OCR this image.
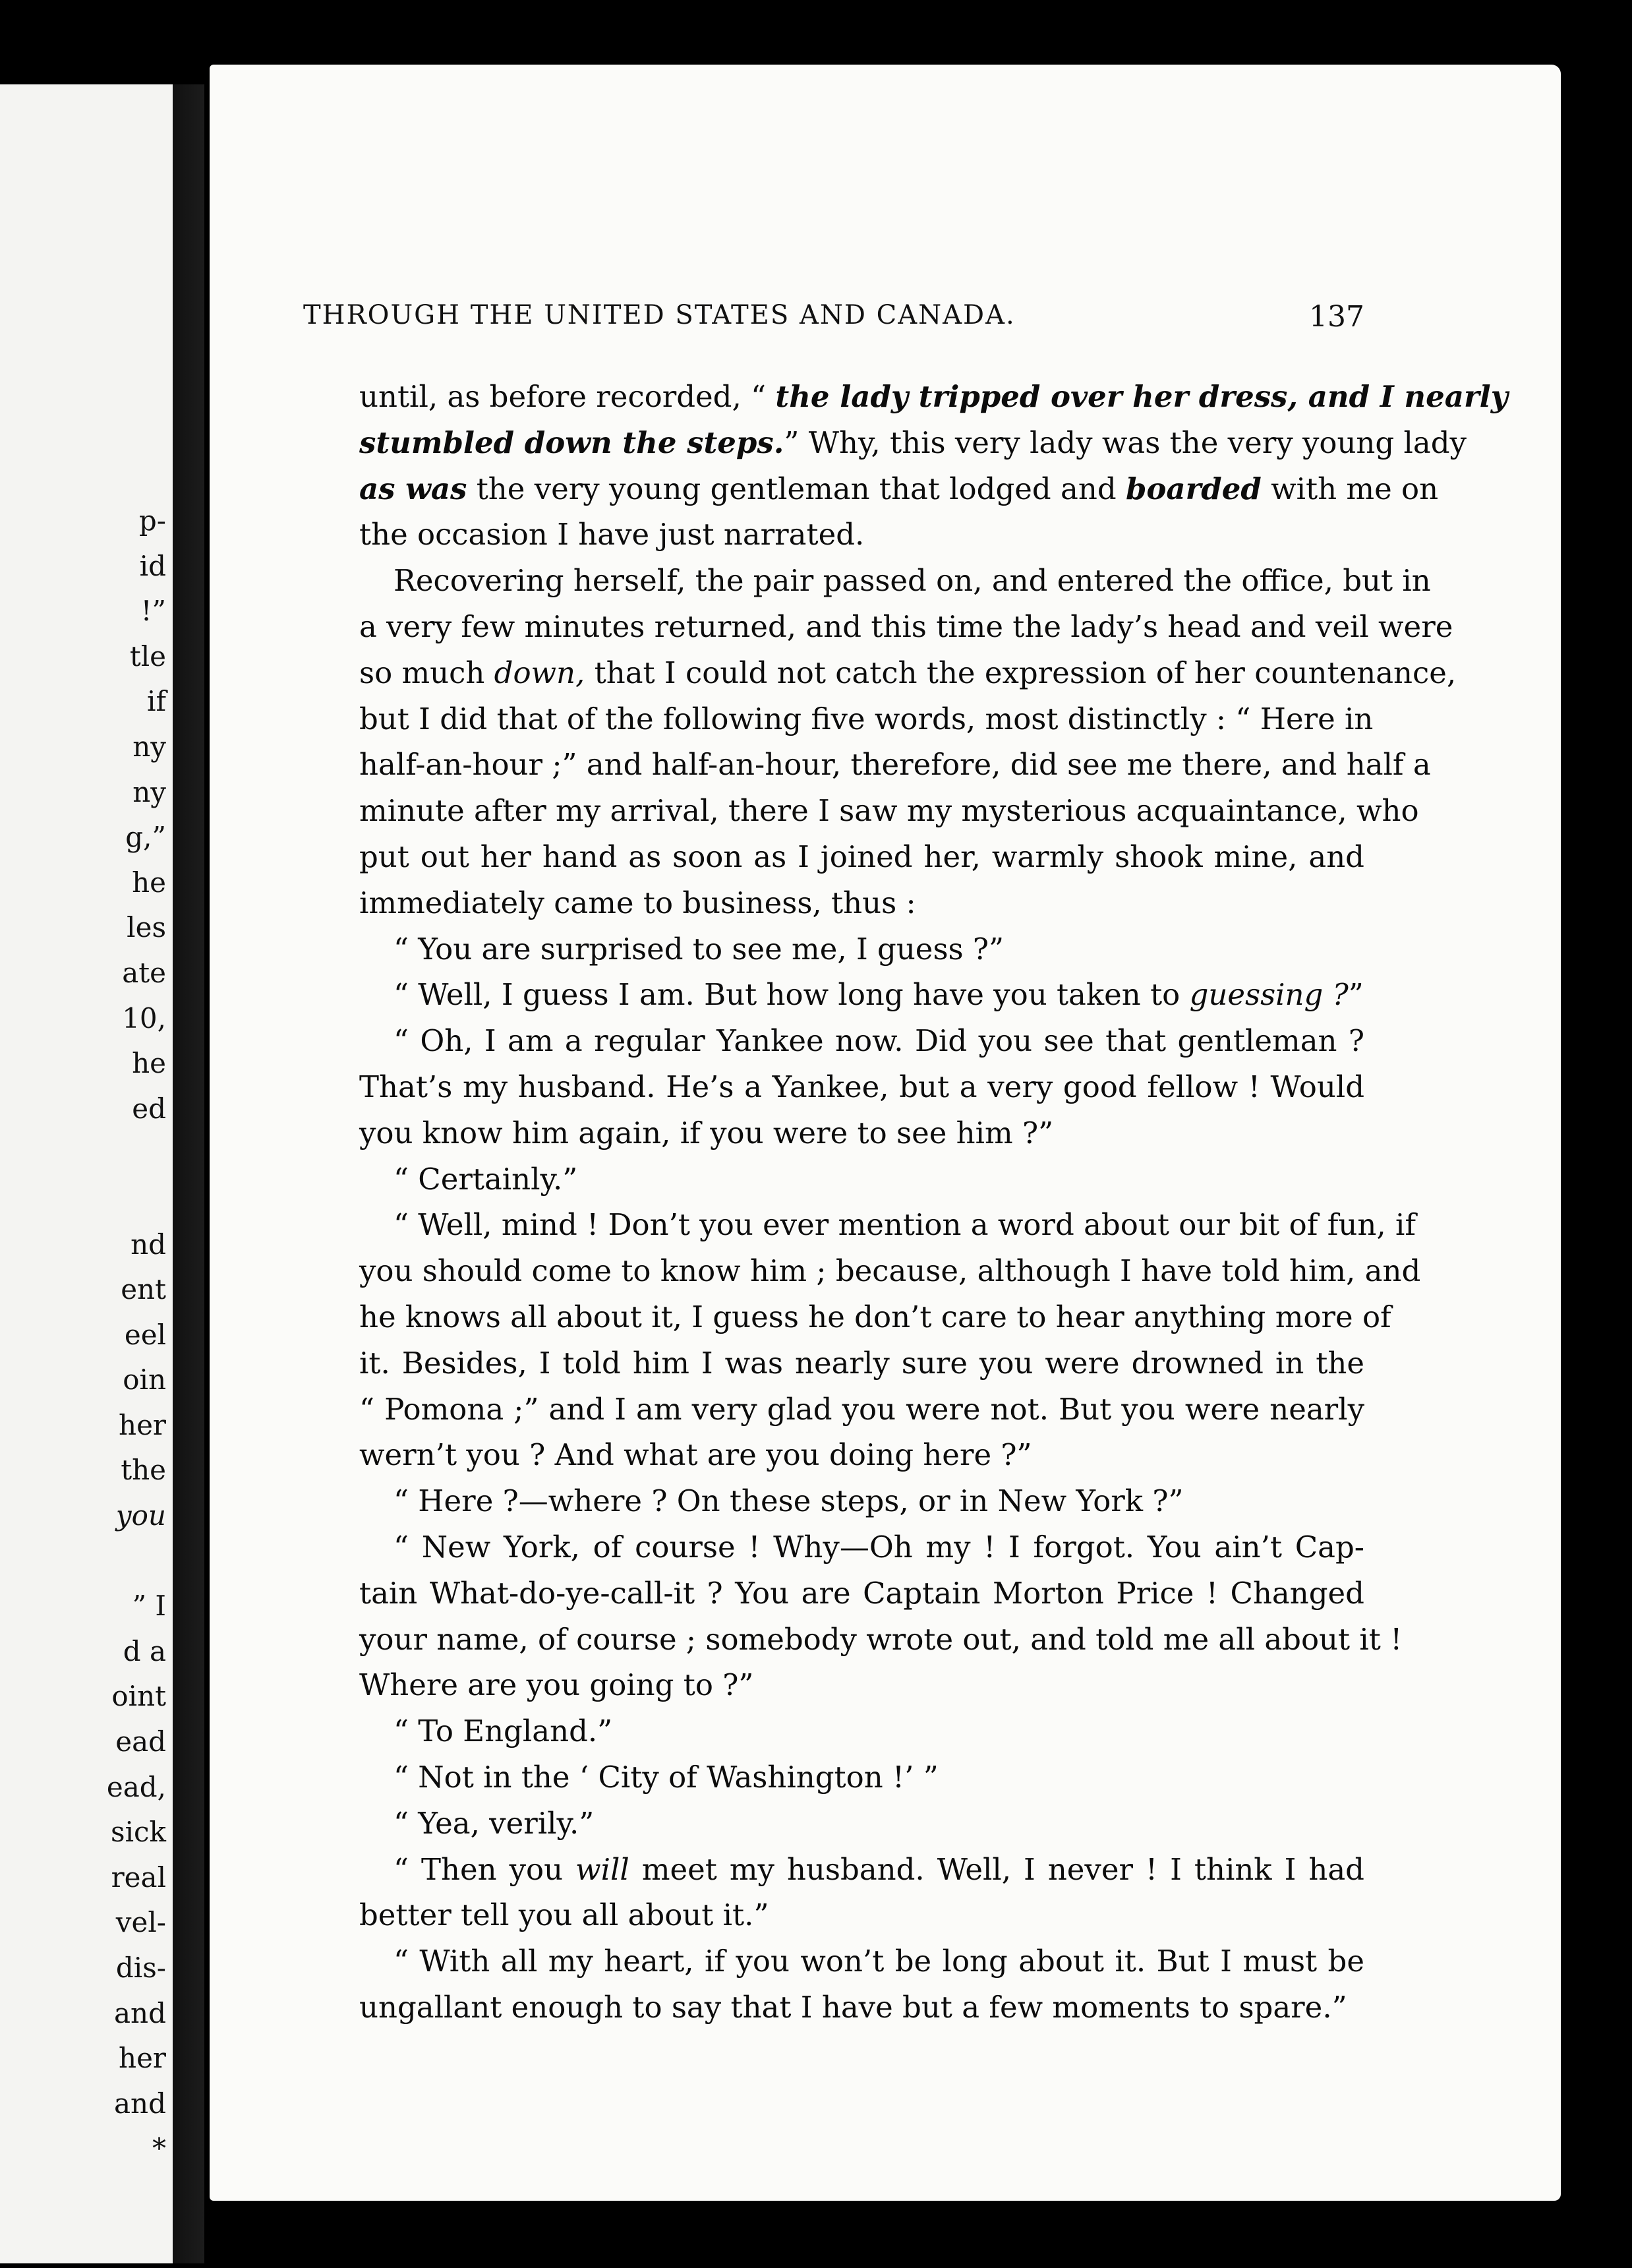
p-
id
!”
tle
if
ny
ny
g,”
he
les
ate
10,
he
ed
nd
ent
eel
oin
her
the
you
” I
d a
oint
ead
ead,
sick
real
vel-
dis-
and
her
and
*
THROUGH THE UNITED STATES AND CANADA.	137
until, as before recorded, “ the lady tripped over her dress, and I nearly
stumbled down the steps.” Why, this very lady was the very young lady
as was the very young gentleman that lodged and boarded with me on
the occasion I have just narrated.
Recovering herself, the pair passed on, and entered the office, but in
a very few minutes returned, and this time the lady’s head and veil were
so much down, that I could not catch the expression of her countenance,
but I did that of the following five words, most distinctly : “ Here in
half-an-hour ;” and half-an-hour, therefore, did see me there, and half a
minute after my arrival, there I saw my mysterious acquaintance, who
put out her hand as soon as I joined her, warmly shook mine, and
immediately came to business, thus :
“ You are surprised to see me, I guess ?”
“ Well, I guess I am. But how long have you taken to guessing ?”
“ Oh, I am a regular Yankee now. Did you see that gentleman ?
That’s my husband. He’s a Yankee, but a very good fellow ! Would
you know him again, if you were to see him ?”
“ Certainly.”
“ Well, mind ! Don’t you ever mention a word about our bit of fun, if
you should come to know him ; because, although I have told him, and
he knows all about it, I guess he don’t care to hear anything more of
it. Besides, I told him I was nearly sure you were drowned in the
“ Pomona ;” and I am very glad you were not. But you were nearly
wern’t you ? And what are you doing here ?”
“ Here ?—where ? On these steps, or in New York ?”
“ New York, of course ! Why—Oh my ! I forgot. You ain’t Cap-
tain What-do-ye-call-it ? You are Captain Morton Price ! Changed
your name, of course ; somebody wrote out, and told me all about it !
Where are you going to ?”
“ To England.”
“ Not in the ‘ City of Washington !’ ”
“ Yea, verily.”
“ Then you will meet my husband. Well, I never ! I think I had
better tell you all about it.”
“ With all my heart, if you won’t be long about it. But I must be
ungallant enough to say that I have but a few moments to spare.”
